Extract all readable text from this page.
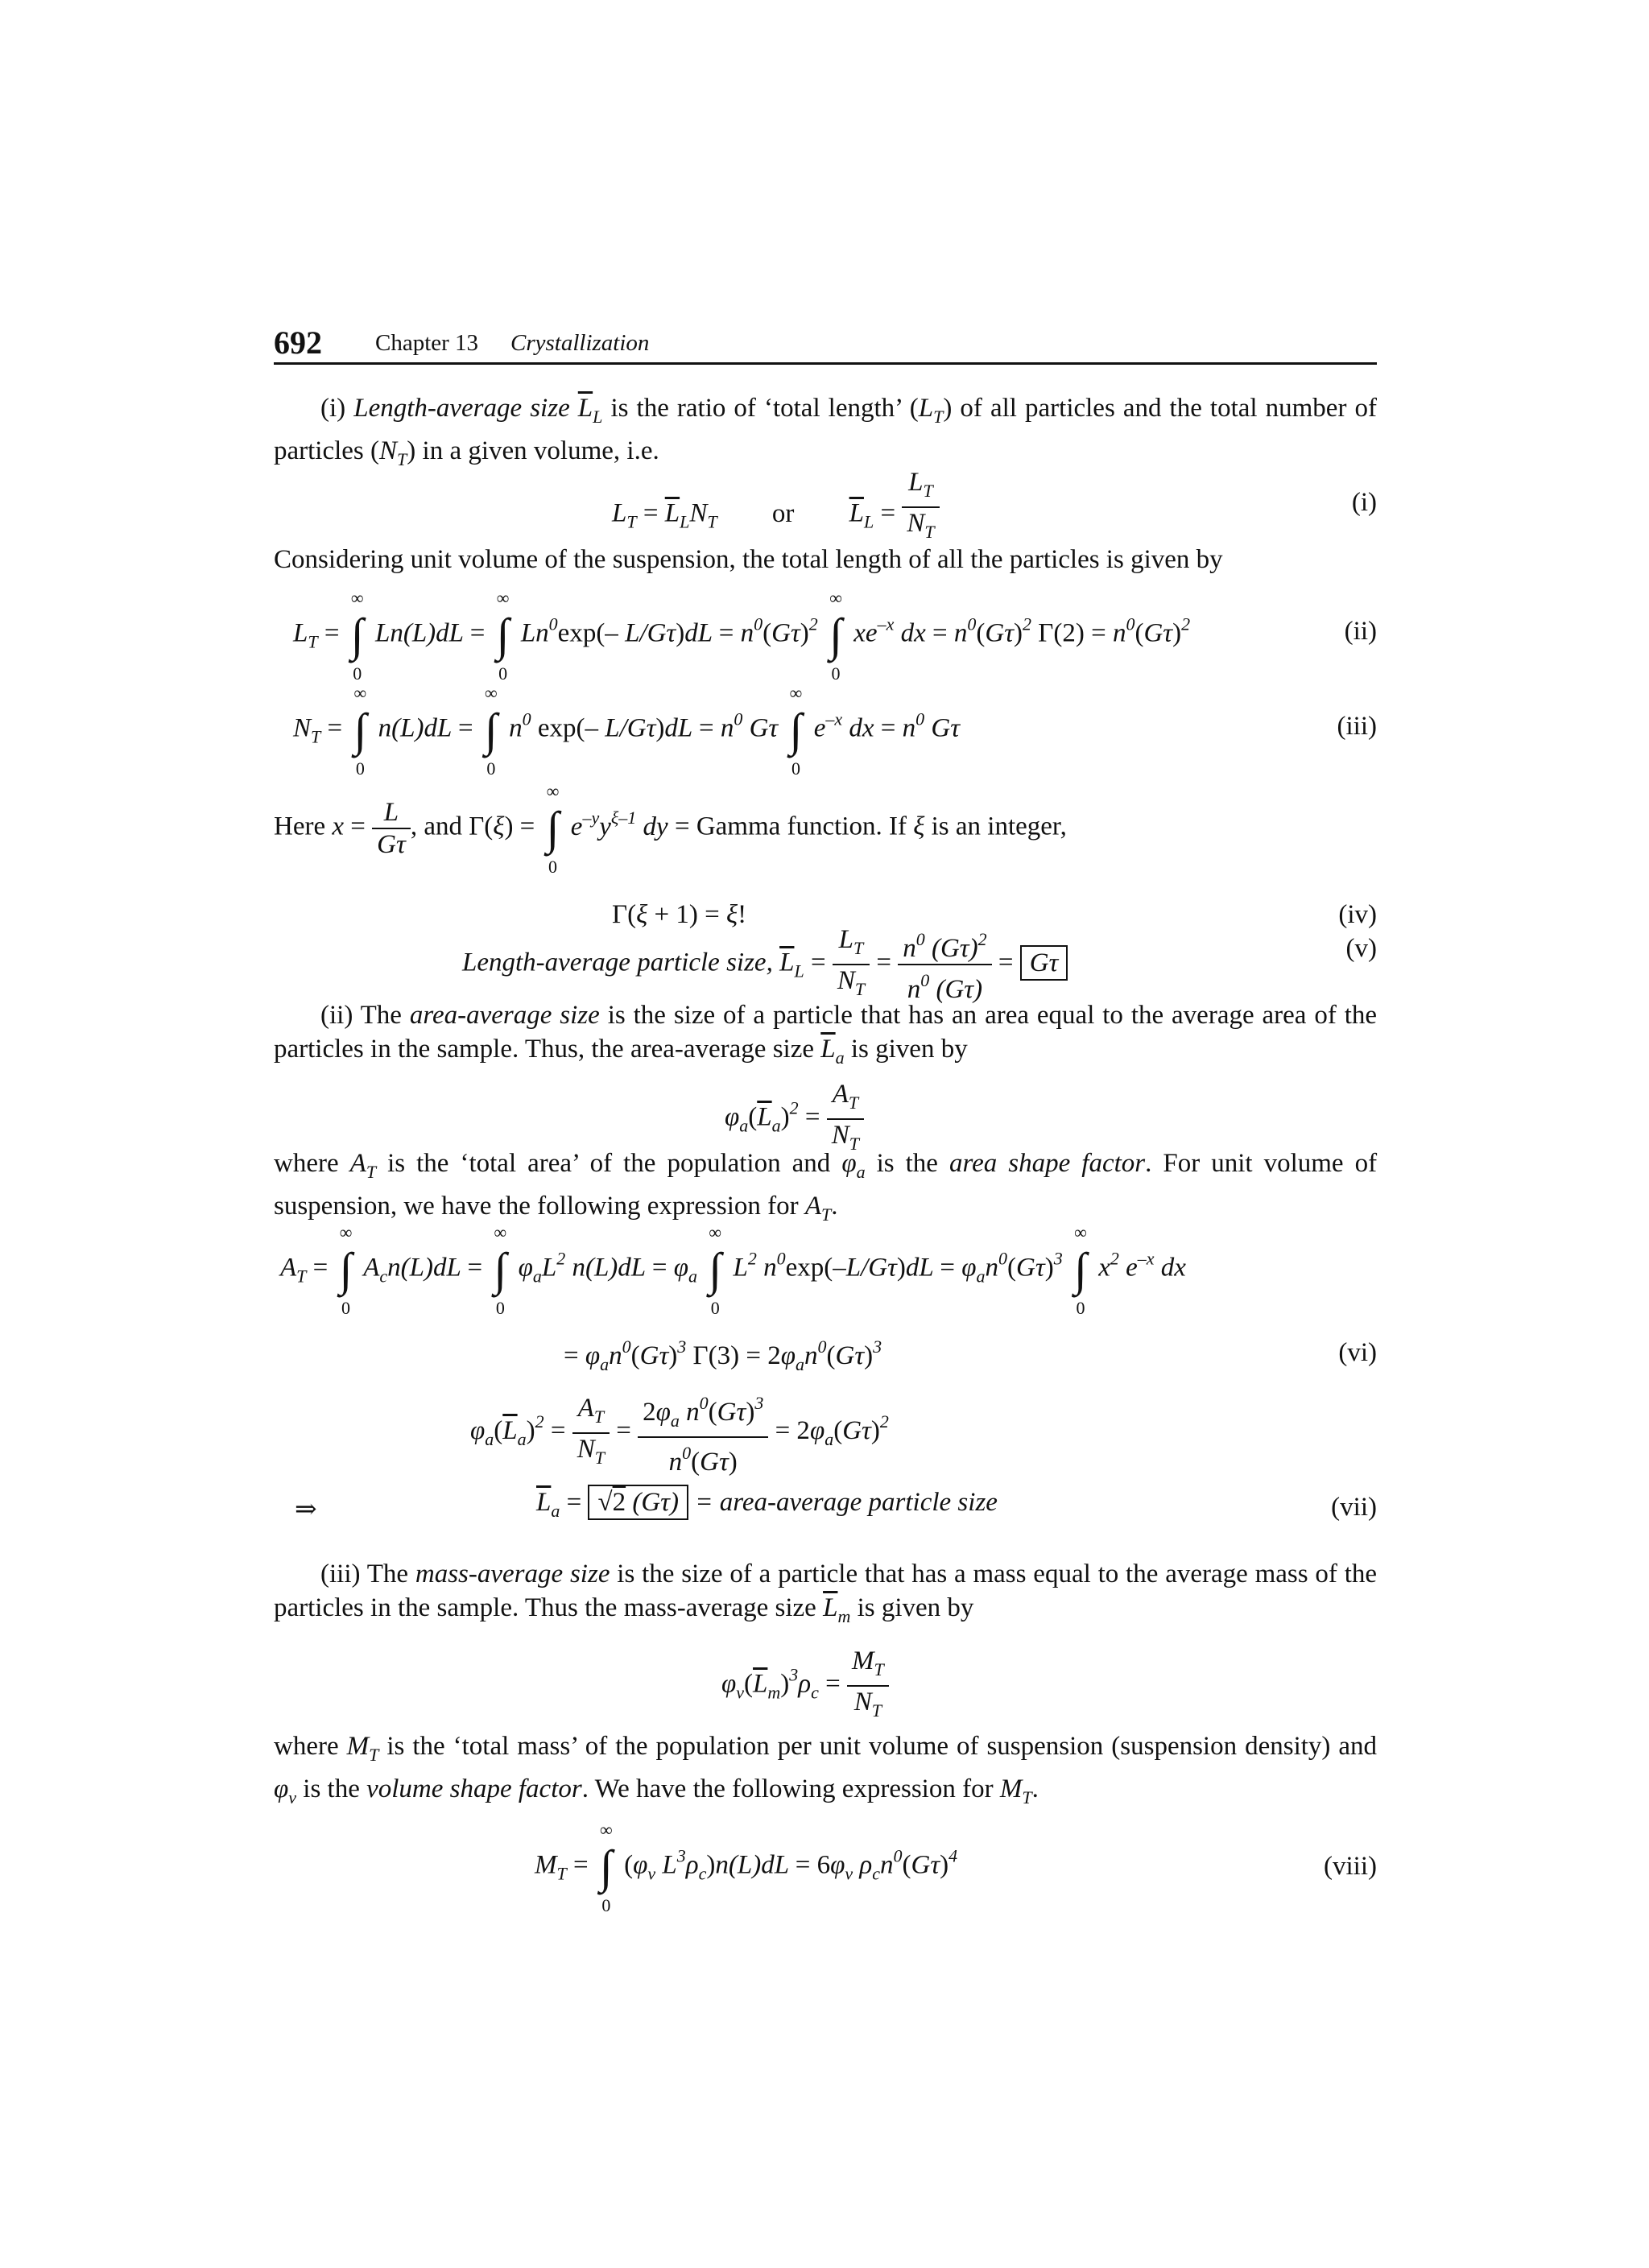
692 Chapter 13 Crystallization
(i) Length-average size $\overline{L}_L$ is the ratio of ‘total length’ $(L_T)$ of all particles and the total number of particles $(N_T)$ in a given volume, i.e.
$L_T = \overline{L}_LN_T$ or $\overline{L}_L = \frac{L_T}{N_T}$	(i)
Considering unit volume of the suspension, the total length of all the particles is given by
$L_T$ =
∞
∫
0
Ln(L)dL =
∞
∫
0
Ln$^0$exp(– $L/G\tau)dL = n^0(G\tau)^2$
∞
∫
0
$xe^{-x}$ dx = $n^0(G\tau)^2$ $\Gamma(2) = n^0(G\tau)^2$	(ii)
$N_T$ =
∞
∫
0
n(L)dL =
∞
∫
0
$n^0$ exp(– $L/G\tau)dL = n^0$ Gτ
∞
∫
0
$e^{-x}$ dx = $n^0$ Gτ	(iii)
Here $x = \frac{L}{G\tau}$ , and Γ(ξ) =
∞
∫
0
$e^{-y}y^{\xi-1}$ dy = Gamma function. If ξ is an integer,
Γ(ξ + 1) = ξ!	(iv)
Length-average particle size, $\overline{L}_L = \frac{L_T}{N_T} = \frac{n^0 (G\tau)^2}{n^0 (G\tau)} = G\tau$	(v)
(ii) The area-average size is the size of a particle that has an area equal to the average area of the particles in the sample. Thus, the area-average size $\overline{L}_a$ is given by
$\varphi_a(\overline{L}_a)^2 = \frac{A_T}{N_T}$
where $A_T$ is the ‘total area’ of the population and $\varphi_a$ is the area shape factor. For unit volume of suspension, we have the following expression for $A_T$.
$A_T$ =
∞
∫
0
$A_cn(L)dL$ =
∞
∫
0
$\varphi_aL^2$ $n(L)dL = \varphi_a$
∞
∫
0
$L^2$ $n^0\exp(-L/G\tau)dL = \varphi_an^0(G\tau)^3$
∞
∫
0
$x^2$ $e^{-x}$ dx
= $\varphi_an^0(G\tau)^3$ $\Gamma(3) = 2\varphi_an^0(G\tau)^3$	(vi)
$\varphi_a(\overline{L}_a)^2 = \frac{A_T}{N_T} = \frac{2\varphi_a n^0(G\tau)^3}{n^0(G\tau)} = 2\varphi_a(G\tau)^2$
⇒	$\overline{L}_a = √2$ (Gτ) = area-average particle size	(vii)
(iii) The mass-average size is the size of a particle that has a mass equal to the average mass of the particles in the sample. Thus the mass-average size $\overline{L}_m$ is given by
$\varphi_v(\overline{L}_m)^3\rho_c = \frac{M_T}{N_T}$
where $M_T$ is the ‘total mass’ of the population per unit volume of suspension (suspension density) and $\varphi_v$ is the volume shape factor. We have the following expression for $M_T$.
$M_T$ =
∞
∫
0
($\varphi_v$ $L^3\rho_c)n(L)dL = 6\varphi_v$ $\rho_cn^0(G\tau)^4$	(viii)
